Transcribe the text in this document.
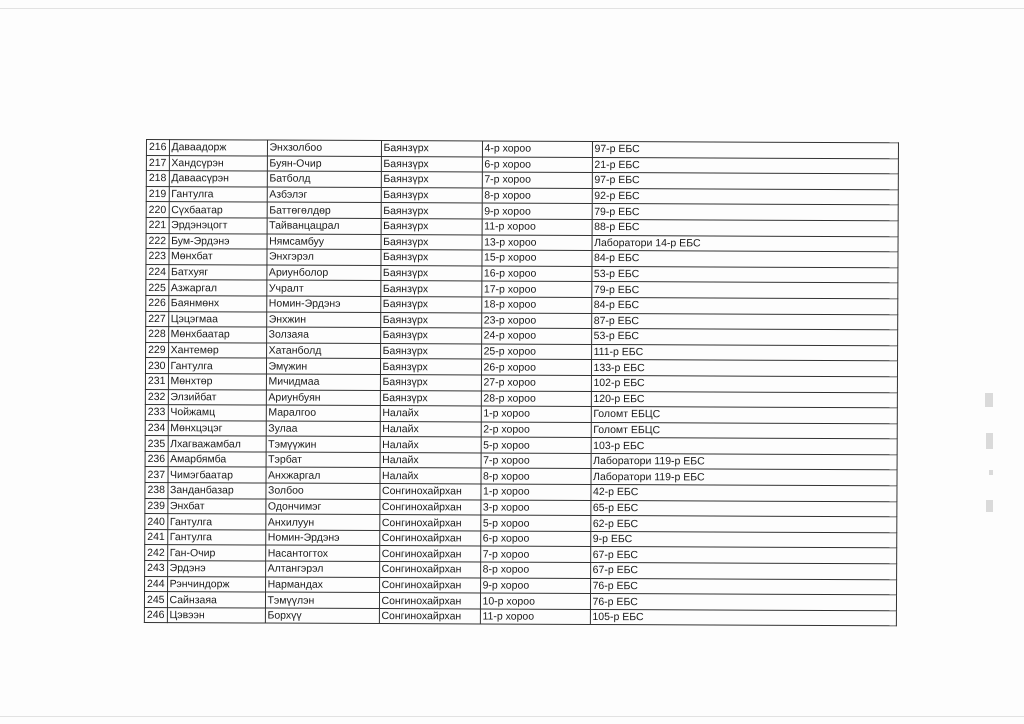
216	Даваадорж	Энхзолбоо	Баянзүрх	4-р хороо	97-р ЕБС
217	Хандсүрэн	Буян-Очир	Баянзүрх	6-р хороо	21-р ЕБС
218	Даваасүрэн	Батболд	Баянзүрх	7-р хороо	97-р ЕБС
219	Гантулга	Азбэлэг	Баянзүрх	8-р хороо	92-р ЕБС
220	Сүхбаатар	Баттөгөлдөр	Баянзүрх	9-р хороо	79-р ЕБС
221	Эрдэнэцогт	Тайванцацрал	Баянзүрх	11-р хороо	88-р ЕБС
222	Бум-Эрдэнэ	Нямсамбуу	Баянзүрх	13-р хороо	Лаборатори 14-р ЕБС
223	Мөнхбат	Энхгэрэл	Баянзүрх	15-р хороо	84-р ЕБС
224	Батхуяг	Ариунболор	Баянзүрх	16-р хороо	53-р ЕБС
225	Азжаргал	Учралт	Баянзүрх	17-р хороо	79-р ЕБС
226	Баянмөнх	Номин-Эрдэнэ	Баянзүрх	18-р хороо	84-р ЕБС
227	Цэцэгмаа	Энхжин	Баянзүрх	23-р хороо	87-р ЕБС
228	Мөнхбаатар	Золзаяа	Баянзүрх	24-р хороо	53-р ЕБС
229	Хантемөр	Хатанболд	Баянзүрх	25-р хороо	111-р ЕБС
230	Гантулга	Эмүжин	Баянзүрх	26-р хороо	133-р ЕБС
231	Мөнхтөр	Мичидмаа	Баянзүрх	27-р хороо	102-р ЕБС
232	Элзийбат	Ариунбуян	Баянзүрх	28-р хороо	120-р ЕБС
233	Чойжамц	Маралгоо	Налайх	1-р хороо	Голомт ЕБЦС
234	Мөнхцэцэг	Зулаа	Налайх	2-р хороо	Голомт ЕБЦС
235	Лхагважамбал	Тэмүүжин	Налайх	5-р хороо	103-р ЕБС
236	Амарбямба	Тэрбат	Налайх	7-р хороо	Лаборатори 119-р ЕБС
237	Чимэгбаатар	Анхжаргал	Налайх	8-р хороо	Лаборатори 119-р ЕБС
238	Занданбазар	Золбоо	Сонгинохайрхан	1-р хороо	42-р ЕБС
239	Энхбат	Одончимэг	Сонгинохайрхан	3-р хороо	65-р ЕБС
240	Гантулга	Анхилуун	Сонгинохайрхан	5-р хороо	62-р ЕБС
241	Гантулга	Номин-Эрдэнэ	Сонгинохайрхан	6-р хороо	9-р ЕБС
242	Ган-Очир	Насантогтох	Сонгинохайрхан	7-р хороо	67-р ЕБС
243	Эрдэнэ	Алтангэрэл	Сонгинохайрхан	8-р хороо	67-р ЕБС
244	Рэнчиндорж	Нармандах	Сонгинохайрхан	9-р хороо	76-р ЕБС
245	Сайнзаяа	Тэмүүлэн	Сонгинохайрхан	10-р хороо	76-р ЕБС
246	Цэвээн	Борхүү	Сонгинохайрхан	11-р хороо	105-р ЕБС
